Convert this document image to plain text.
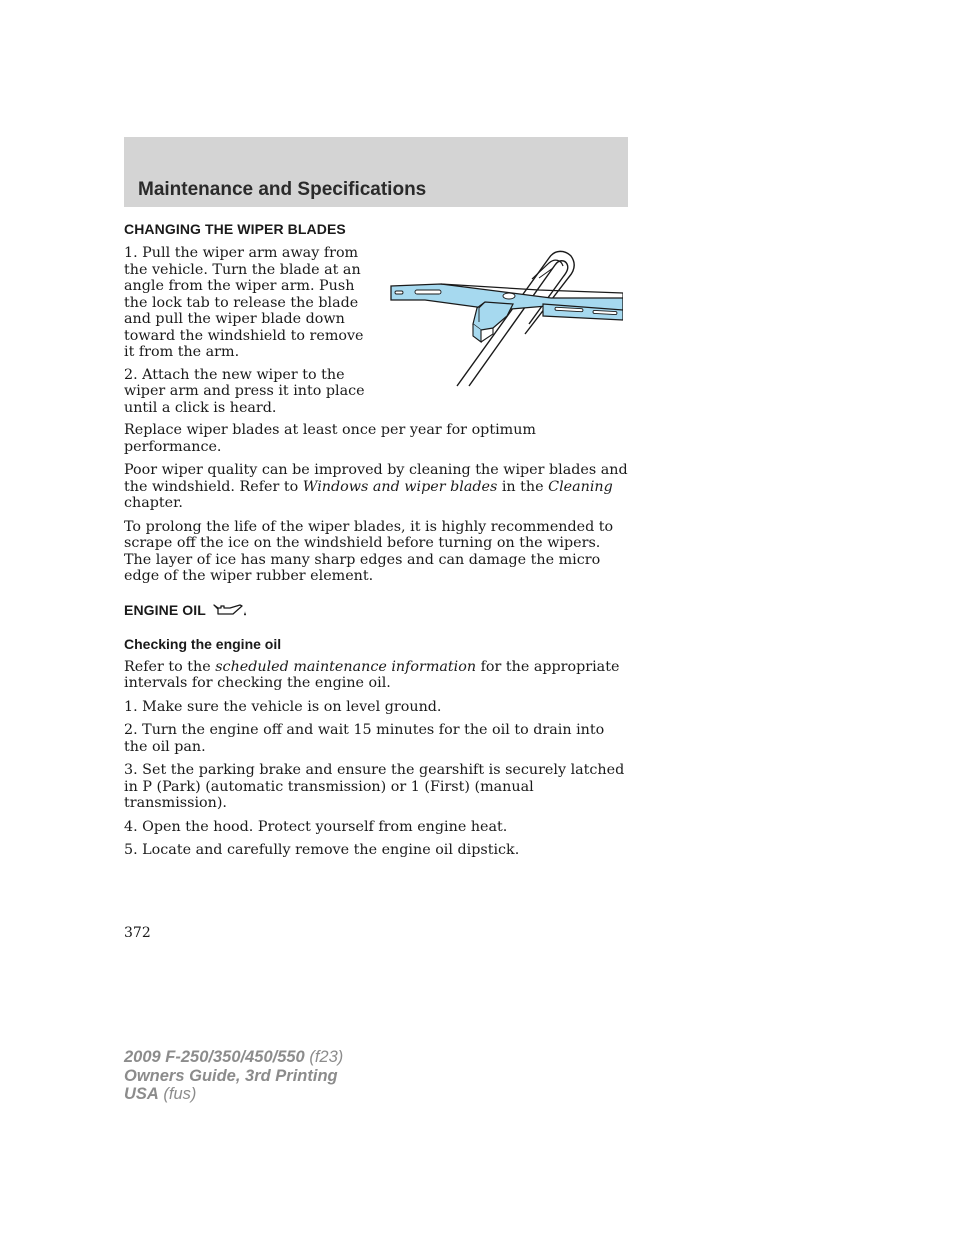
Maintenance and Specifications
CHANGING THE WIPER BLADES

1. Pull the wiper arm away from the vehicle. Turn the blade at an angle from the wiper arm. Push the lock tab to release the blade and pull the wiper blade down toward the windshield to remove it from the arm.

2. Attach the new wiper to the wiper arm and press it into place until a click is heard.

Replace wiper blades at least once per year for optimum performance.

Poor wiper quality can be improved by cleaning the wiper blades and the windshield. Refer to Windows and wiper blades in the Cleaning chapter.

To prolong the life of the wiper blades, it is highly recommended to scrape off the ice on the windshield before turning on the wipers. The layer of ice has many sharp edges and can damage the micro edge of the wiper rubber element.

ENGINE OIL
Checking the engine oil

Refer to the scheduled maintenance information for the appropriate intervals for checking the engine oil.

1. Make sure the vehicle is on level ground.

2. Turn the engine off and wait 15 minutes for the oil to drain into the oil pan.

3. Set the parking brake and ensure the gearshift is securely latched in P (Park) (automatic transmission) or 1 (First) (manual transmission).

4. Open the hood. Protect yourself from engine heat.

5. Locate and carefully remove the engine oil dipstick.

372
2009 F-250/350/450/550 (f23)
Owners Guide, 3rd Printing
USA (fus)
